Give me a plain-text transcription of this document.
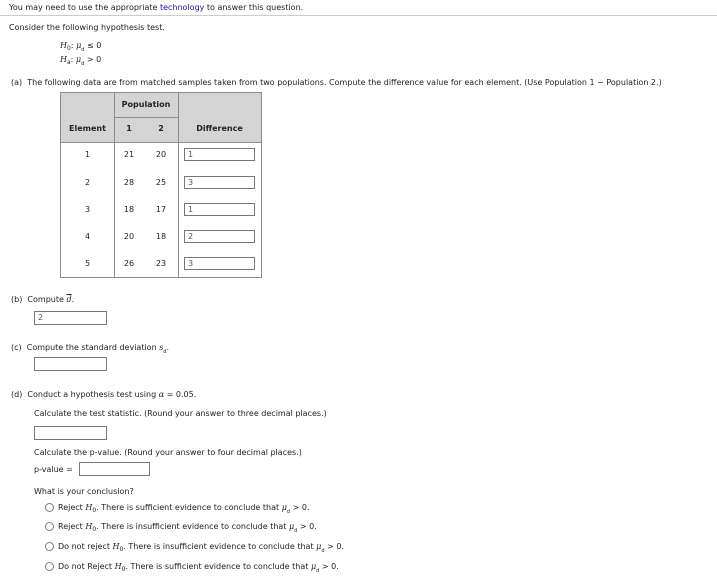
You may need to use the appropriate technology to answer this question.
Consider the following hypothesis test.
$H_0$: $\mu_d \le 0$
$H_a$: $\mu_d > 0$
(a) The following data are from matched samples taken from two populations. Compute the difference value for each element. (Use Population 1 − Population 2.)
Population
Element	1	2	Difference
1	21	20	1
2	28	25	3
3	18	17	1
4	20	18	2
5	26	23	3
(b) Compute $\overline{d}$.
2
(c) Compute the standard deviation $s_d$.
(d) Conduct a hypothesis test using α = 0.05.
Calculate the test statistic. (Round your answer to three decimal places.)
Calculate the p-value. (Round your answer to four decimal places.)
p-value =
What is your conclusion?
Reject $H_0$. There is sufficient evidence to conclude that $\mu_d > 0$.
Reject $H_0$. There is insufficient evidence to conclude that $\mu_d > 0$.
Do not reject $H_0$. There is insufficient evidence to conclude that $\mu_d > 0$.
Do not Reject $H_0$. There is sufficient evidence to conclude that $\mu_d > 0$.
